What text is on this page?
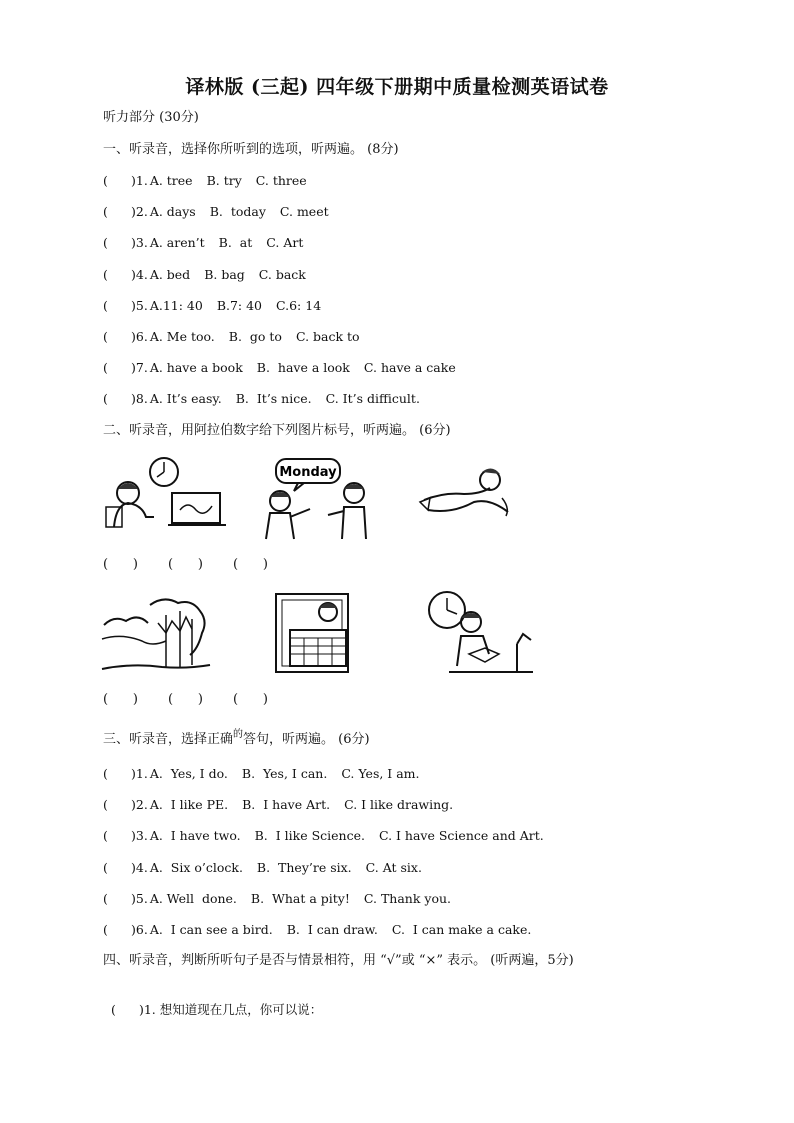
译林版 (三起) 四年级下册期中质量检测英语试卷
听力部分 (30分)
一、听录音，选择你所听到的选项，听两遍。 (8分)
( )1. A. tree B. try C. three
( )2. A. days B.  today C. meet
( )3. A. aren’t B.  at C. Art
( )4. A. bed B. bag C. back
( )5. A.11: 40 B.7: 40 C.6: 14
( )6. A. Me too. B.  go to C. back to
( )7. A. have a book B.  have a look C. have a cake
( )8. A. It’s easy. B.  It’s nice. C. It’s difficult.
二、听录音，用阿拉伯数字给下列图片标号，听两遍。 (6分)
Monday
(      ) (      ) (      )
(      ) (      ) (      )
三、听录音，选择正确$^的$答句，听两遍。 (6分)
( )1. A.  Yes, I do. B.  Yes, I can. C. Yes, I am.
( )2. A.  I like PE. B.  I have Art. C. I like drawing.
( )3. A.  I have two. B.  I like Science. C. I have Science and Art.
( )4. A.  Six o’clock. B.  They’re six. C. At six.
( )5. A. Well  done. B.  What a pity! C. Thank you.
( )6. A.  I can see a bird. B.  I can draw. C.  I can make a cake.
四、听录音，判断所听句子是否与情景相符，用 “√”或 “×” 表示。 (听两遍，5分)

( )1. 想知道现在几点，你可以说：
